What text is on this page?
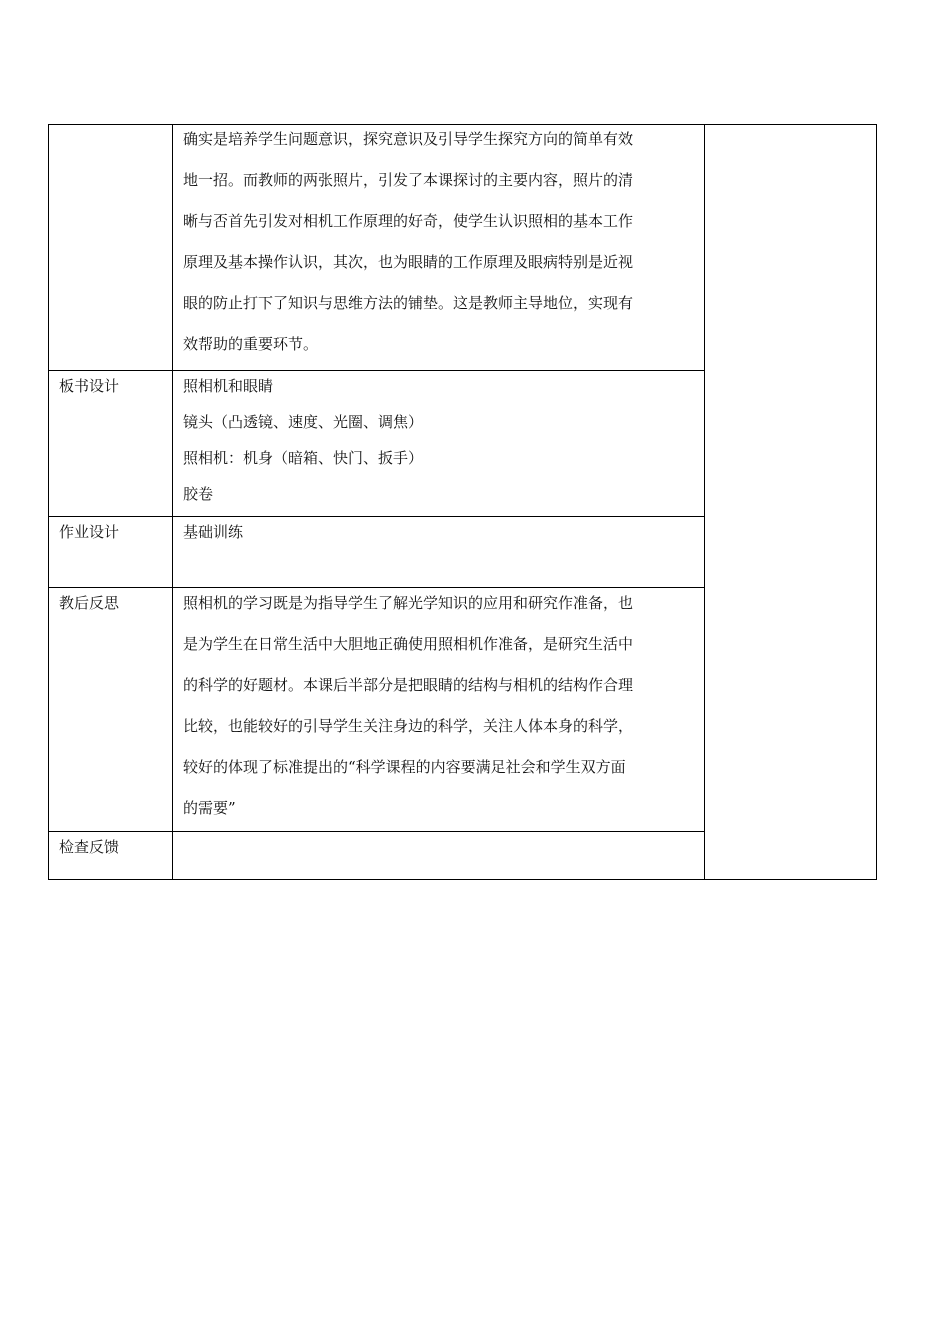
确实是培养学生问题意识，探究意识及引导学生探究方向的简单有效
地一招。而教师的两张照片，引发了本课探讨的主要内容，照片的清
晰与否首先引发对相机工作原理的好奇，使学生认识照相的基本工作
原理及基本操作认识，其次，也为眼睛的工作原理及眼病特别是近视
眼的防止打下了知识与思维方法的铺垫。这是教师主导地位，实现有
效帮助的重要环节。
板书设计	照相机和眼睛
镜头（凸透镜、速度、光圈、调焦）
照相机：机身（暗箱、快门、扳手）
胶卷
作业设计	基础训练
教后反思	照相机的学习既是为指导学生了解光学知识的应用和研究作准备，也
是为学生在日常生活中大胆地正确使用照相机作准备，是研究生活中
的科学的好题材。本课后半部分是把眼睛的结构与相机的结构作合理
比较，也能较好的引导学生关注身边的科学，关注人体本身的科学，
较好的体现了标准提出的“科学课程的内容要满足社会和学生双方面
的需要”
检查反馈
